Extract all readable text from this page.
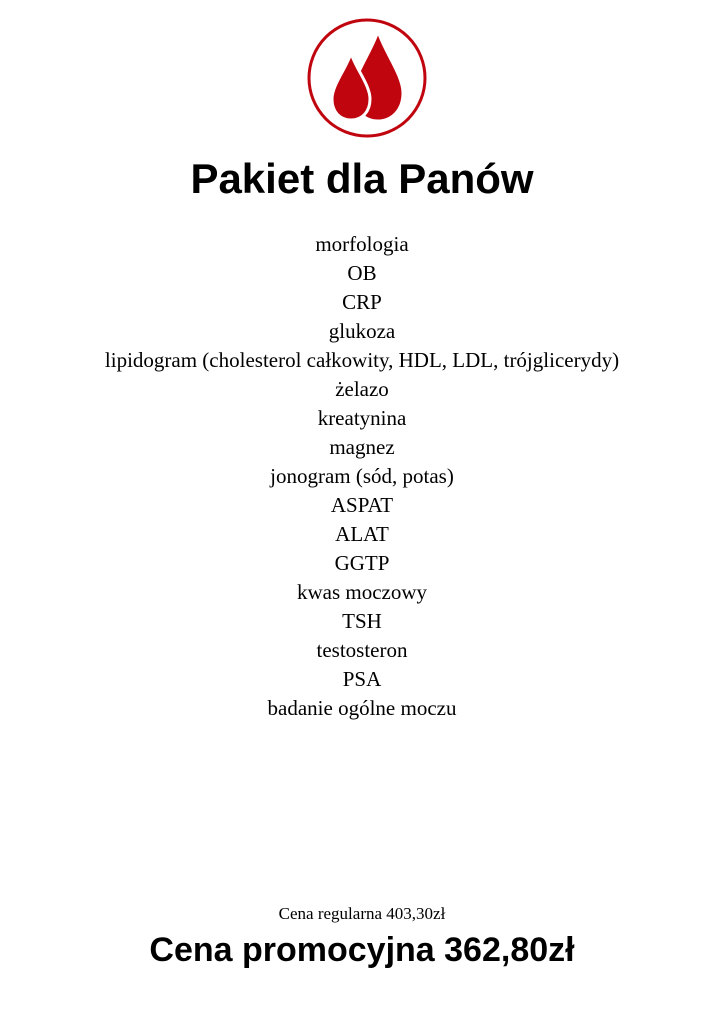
Pakiet dla Panów
morfologia
OB
CRP
glukoza
lipidogram (cholesterol całkowity, HDL, LDL, trójglicerydy)
żelazo
kreatynina
magnez
jonogram (sód, potas)
ASPAT
ALAT
GGTP
kwas moczowy
TSH
testosteron
PSA
badanie ogólne moczu
Cena regularna 403,30zł
Cena promocyjna 362,80zł
